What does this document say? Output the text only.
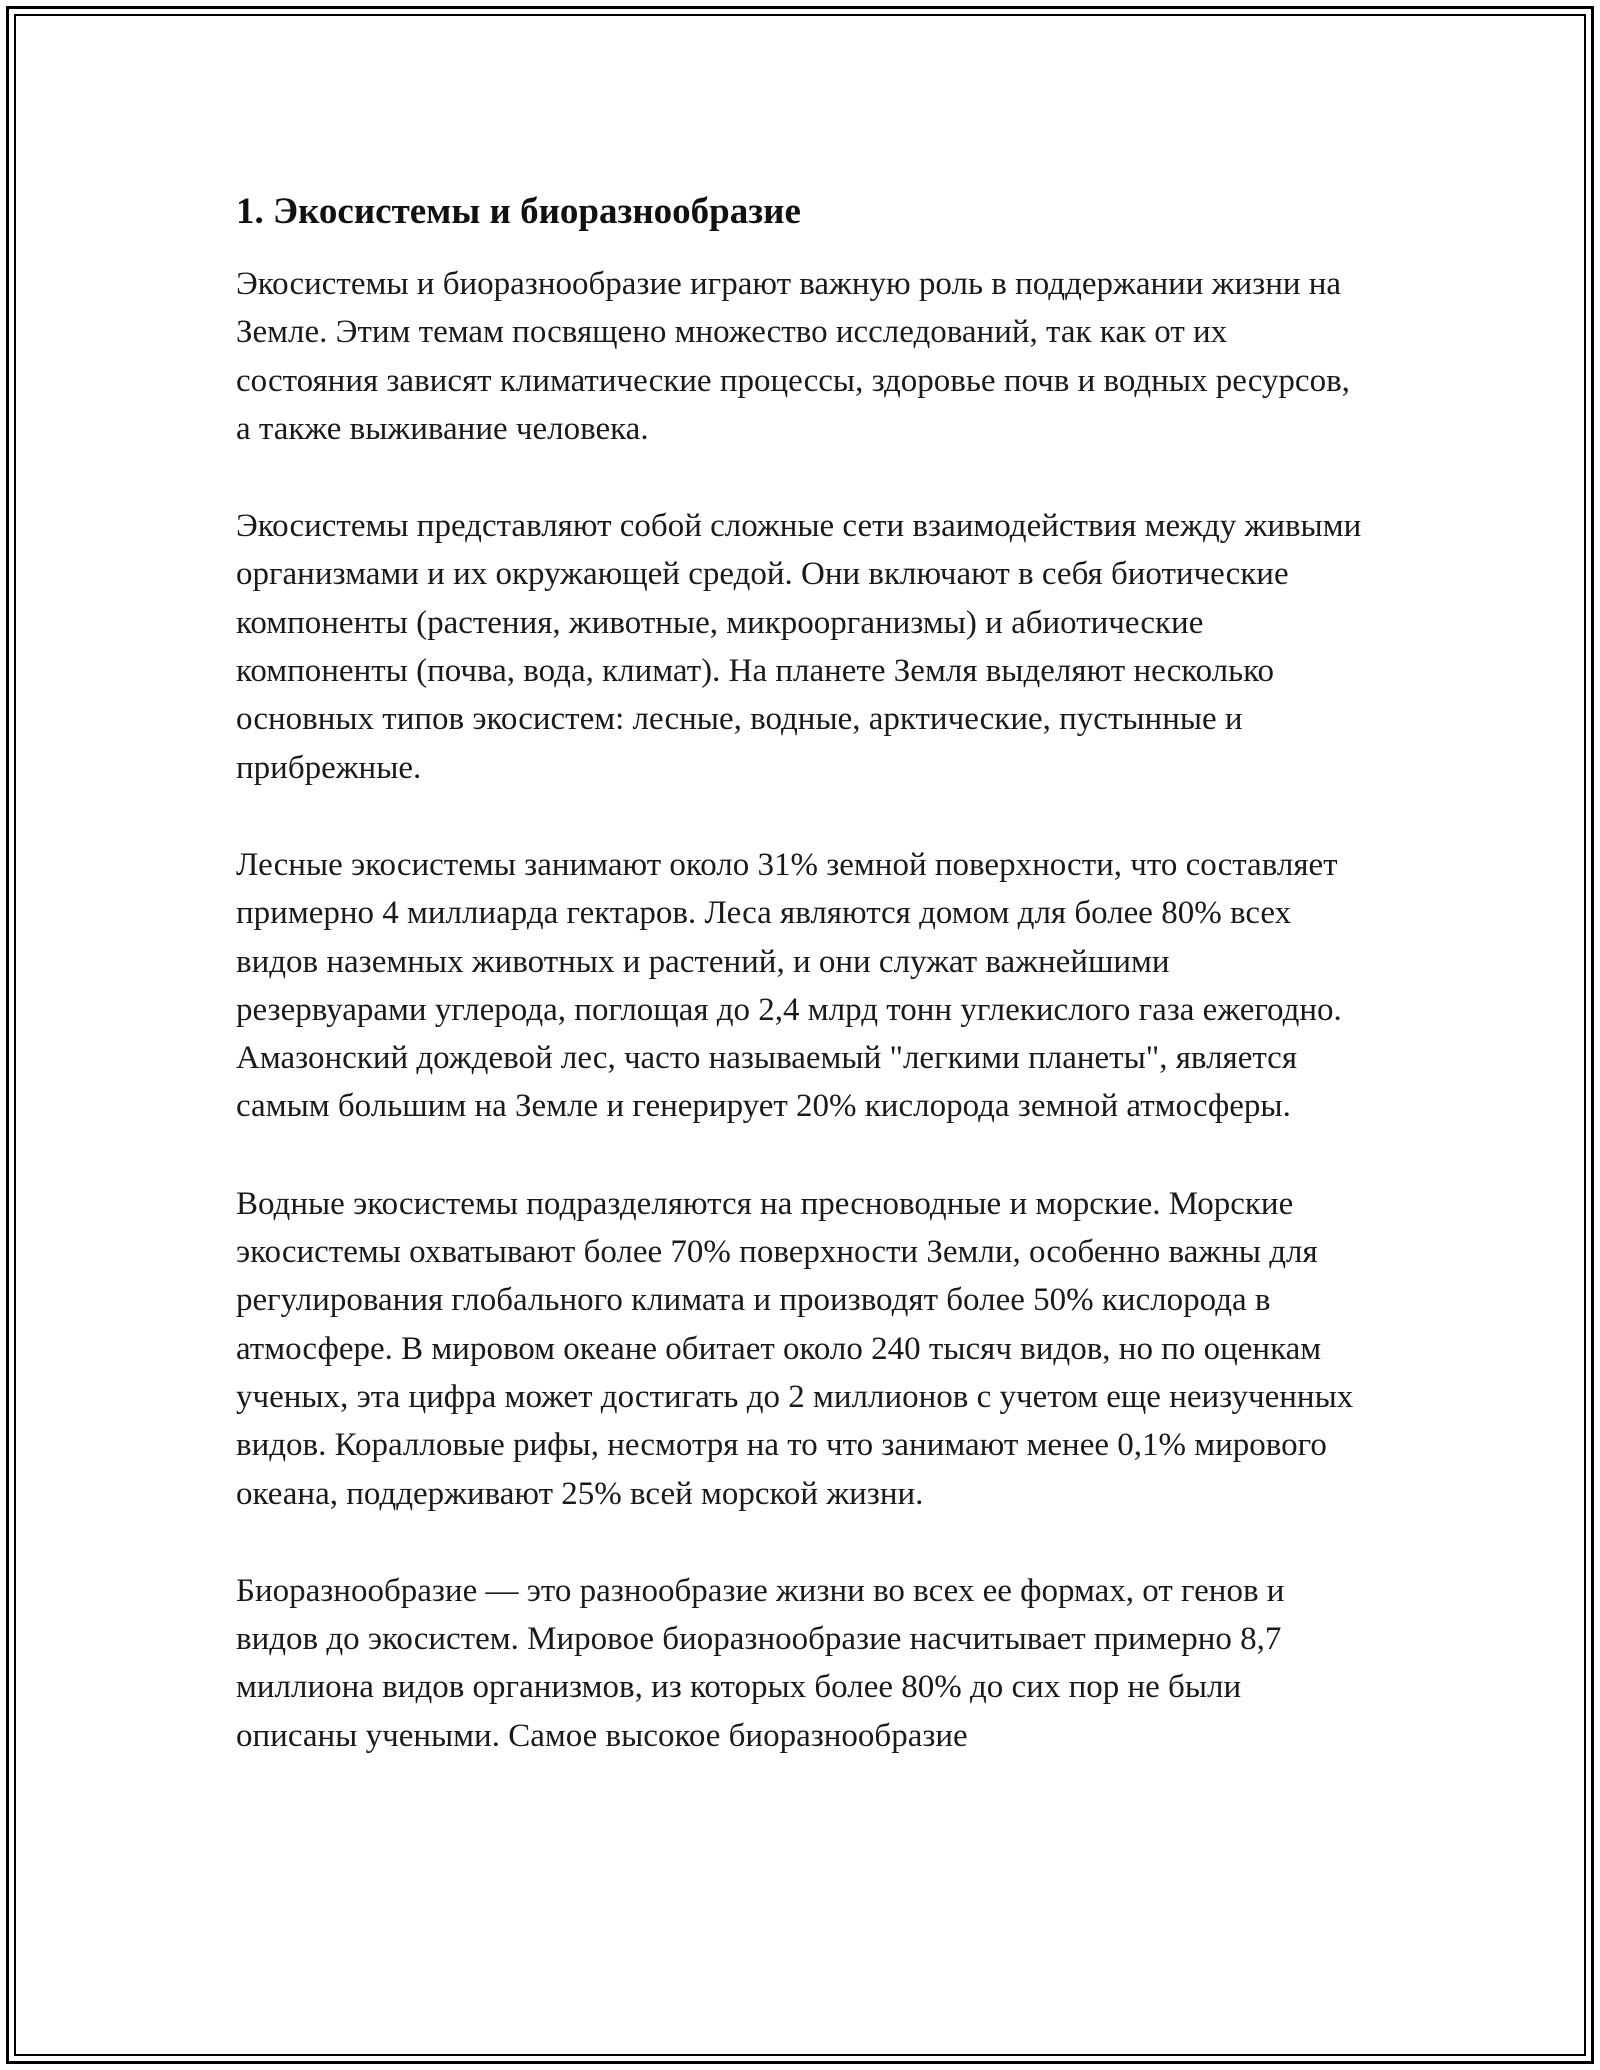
1. Экосистемы и биоразнообразие

Экосистемы и биоразнообразие играют важную роль в поддержании жизни на Земле. Этим темам посвящено множество исследований, так как от их состояния зависят климатические процессы, здоровье почв и водных ресурсов, а также выживание человека.

Экосистемы представляют собой сложные сети взаимодействия между живыми организмами и их окружающей средой. Они включают в себя биотические компоненты (растения, животные, микроорганизмы) и абиотические компоненты (почва, вода, климат). На планете Земля выделяют несколько основных типов экосистем: лесные, водные, арктические, пустынные и прибрежные.

Лесные экосистемы занимают около 31% земной поверхности, что составляет примерно 4 миллиарда гектаров. Леса являются домом для более 80% всех видов наземных животных и растений, и они служат важнейшими резервуарами углерода, поглощая до 2,4 млрд тонн углекислого газа ежегодно. Амазонский дождевой лес, часто называемый "легкими планеты", является самым большим на Земле и генерирует 20% кислорода земной атмосферы.

Водные экосистемы подразделяются на пресноводные и морские. Морские экосистемы охватывают более 70% поверхности Земли, особенно важны для регулирования глобального климата и производят более 50% кислорода в атмосфере. В мировом океане обитает около 240 тысяч видов, но по оценкам ученых, эта цифра может достигать до 2 миллионов с учетом еще неизученных видов. Коралловые рифы, несмотря на то что занимают менее 0,1% мирового океана, поддерживают 25% всей морской жизни.

Биоразнообразие — это разнообразие жизни во всех ее формах, от генов и видов до экосистем. Мировое биоразнообразие насчитывает примерно 8,7 миллиона видов организмов, из которых более 80% до сих пор не были описаны учеными. Самое высокое биоразнообразие
